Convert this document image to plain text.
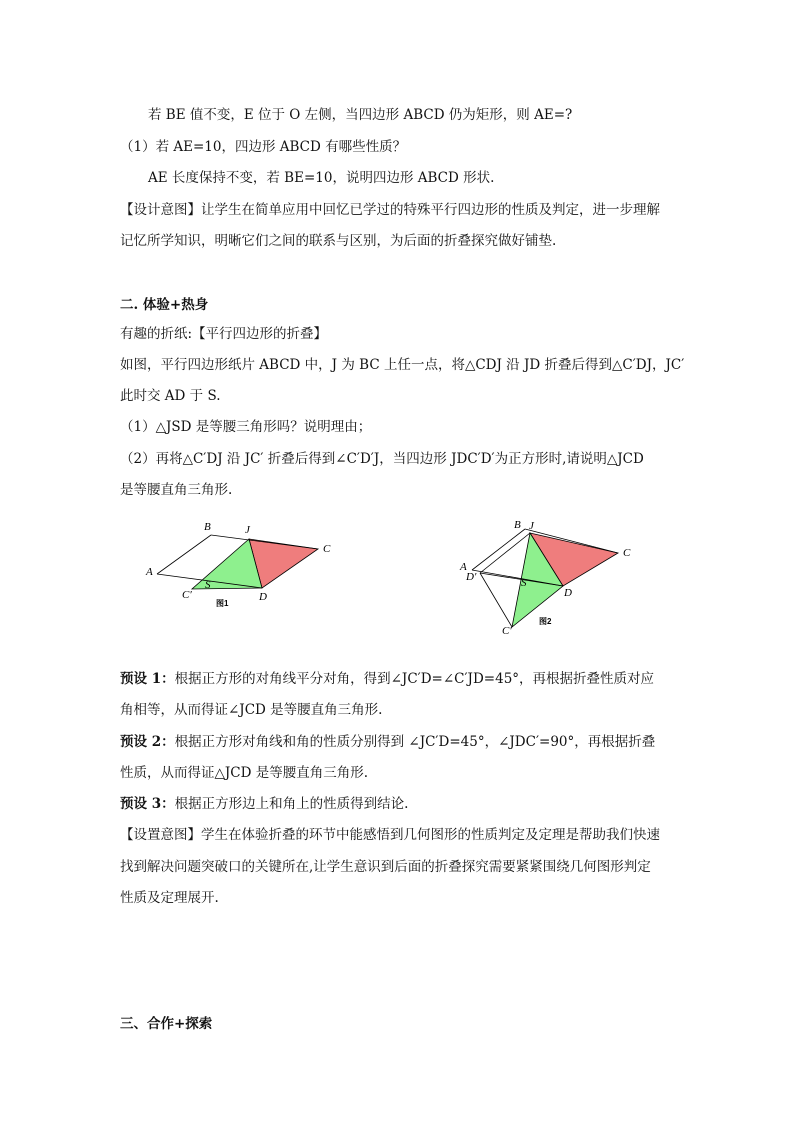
若 BE 值不变，E 位于 O 左侧，当四边形 ABCD 仍为矩形，则 AE=?
（1）若 AE=10，四边形 ABCD 有哪些性质？
AE 长度保持不变，若 BE=10，说明四边形 ABCD 形状.
【设计意图】让学生在简单应用中回忆已学过的特殊平行四边形的性质及判定，进一步理解
记忆所学知识，明晰它们之间的联系与区别，为后面的折叠探究做好铺垫.
二. 体验+热身
有趣的折纸:【平行四边形的折叠】
如图，平行四边形纸片 ABCD 中，J 为 BC 上任一点，将△CDJ 沿 JD 折叠后得到△C′DJ，JC′
此时交 AD 于 S.
（1）△JSD 是等腰三角形吗？说明理由；
（2）再将△C′DJ 沿 JC′ 折叠后得到∠C′D′J，当四边形 JDC′D′为正方形时,请说明△JCD
是等腰直角三角形.
B	J
C
A
S
D
C′
图1
B J
C
A
D′	S
D
C′
图2
预设 1：根据正方形的对角线平分对角，得到∠JC′D=∠C′JD=45°，再根据折叠性质对应
角相等，从而得证∠JCD 是等腰直角三角形.
预设 2：根据正方形对角线和角的性质分别得到 ∠JC′D=45°，∠JDC′=90°，再根据折叠
性质，从而得证△JCD 是等腰直角三角形.
预设 3：根据正方形边上和角上的性质得到结论.
【设置意图】学生在体验折叠的环节中能感悟到几何图形的性质判定及定理是帮助我们快速
找到解决问题突破口的关键所在,让学生意识到后面的折叠探究需要紧紧围绕几何图形判定
性质及定理展开.
三、合作+探索
